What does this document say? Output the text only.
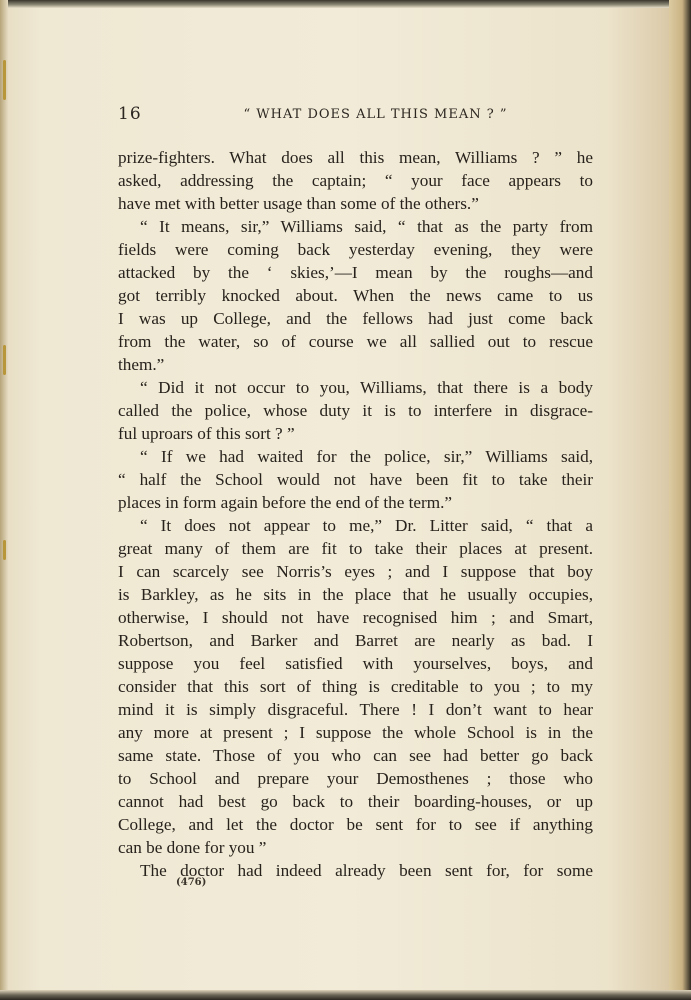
16	“ WHAT DOES ALL THIS MEAN ? ”
prize-fighters. What does all this mean, Williams ? ” he
asked, addressing the captain; “ your face appears to
have met with better usage than some of the others.”
“ It means, sir,” Williams said, “ that as the party from
fields were coming back yesterday evening, they were
attacked by the ‘ skies,’—I mean by the roughs—and
got terribly knocked about. When the news came to us
I was up College, and the fellows had just come back
from the water, so of course we all sallied out to rescue
them.”
“ Did it not occur to you, Williams, that there is a body
called the police, whose duty it is to interfere in disgrace-
ful uproars of this sort ? ”
“ If we had waited for the police, sir,” Williams said,
“ half the School would not have been fit to take their
places in form again before the end of the term.”
“ It does not appear to me,” Dr. Litter said, “ that a
great many of them are fit to take their places at present.
I can scarcely see Norris’s eyes ; and I suppose that boy
is Barkley, as he sits in the place that he usually occupies,
otherwise, I should not have recognised him ; and Smart,
Robertson, and Barker and Barret are nearly as bad. I
suppose you feel satisfied with yourselves, boys, and
consider that this sort of thing is creditable to you ; to my
mind it is simply disgraceful. There ! I don’t want to hear
any more at present ; I suppose the whole School is in the
same state. Those of you who can see had better go back
to School and prepare your Demosthenes ; those who
cannot had best go back to their boarding-houses, or up
College, and let the doctor be sent for to see if anything
can be done for you ”
The doctor had indeed already been sent for, for some
(476)
